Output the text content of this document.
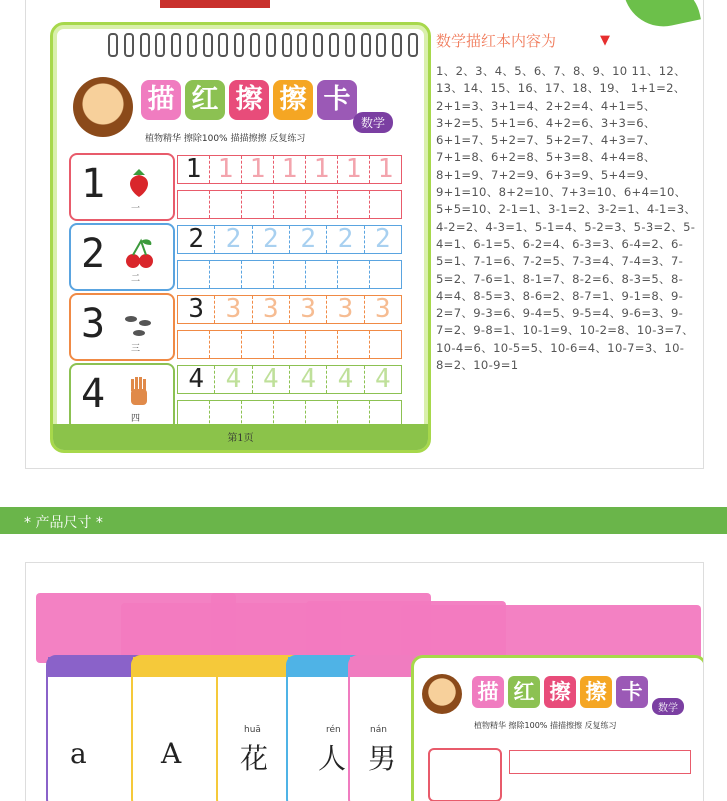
描 红 擦 擦 卡
数学
植物精华 擦除100% 描描擦擦 反复练习
1
一
1 1 1 1 1 1 1
2
二
2 2 2 2 2 2
3
三
3 3 3 3 3 3
4
四
4 4 4 4 4 4
第1页
数学描红本内容为	▼
1、2、3、4、5、6、7、8、9、10 11、12、13、14、15、16、17、18、19、 1+1=2、2+1=3、3+1=4、2+2=4、4+1=5、3+2=5、5+1=6、4+2=6、3+3=6、6+1=7、5+2=7、5+2=7、4+3=7、7+1=8、6+2=8、5+3=8、4+4=8、8+1=9、7+2=9、6+3=9、5+4=9、9+1=10、8+2=10、7+3=10、6+4=10、5+5=10、2-1=1、3-1=2、3-2=1、4-1=3、4-2=2、4-3=1、5-1=4、5-2=3、5-3=2、5-4=1、6-1=5、6-2=4、6-3=3、6-4=2、6-5=1、7-1=6、7-2=5、7-3=4、7-4=3、7-5=2、7-6=1、8-1=7、8-2=6、8-3=5、8-4=4、8-5=3、8-6=2、8-7=1、9-1=8、9-2=7、9-3=6、9-4=5、9-5=4、9-6=3、9-7=2、9-8=1、10-1=9、10-2=8、10-3=7、10-4=6、10-5=5、10-6=4、10-7=3、10-8=2、10-9=1
* 产品尺寸 *
a	A
huā
花
rén
人
nán
男
描 红 擦 擦 卡
数学
植物精华 擦除100% 描描擦擦 反复练习
